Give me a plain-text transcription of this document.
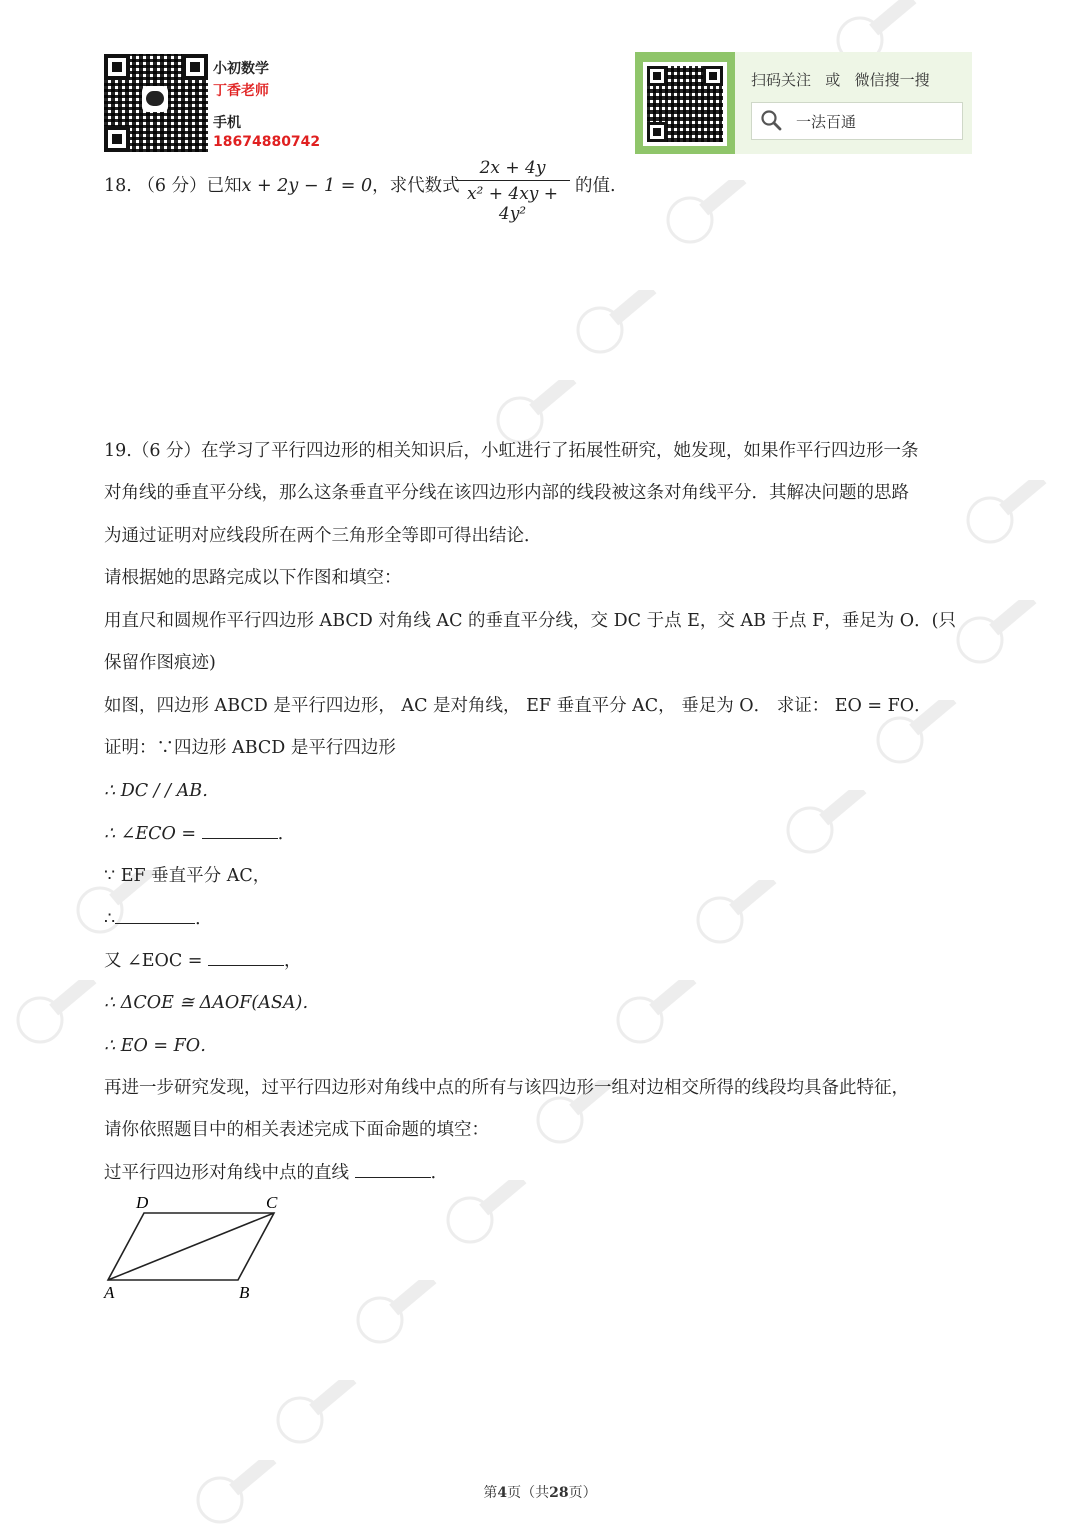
小初数学
丁香老师
手机
18674880742
扫码关注   或   微信搜一搜
一法百通
18. （6 分）已知x + 2y − 1 = 0，求代数式
$\frac{2x + 4y}{\text{x² + 4xy + 4y²}}$ 的值.
19.（6 分）在学习了平行四边形的相关知识后，小虹进行了拓展性研究，她发现，如果作平行四边形一条
对角线的垂直平分线，那么这条垂直平分线在该四边形内部的线段被这条对角线平分．其解决问题的思路
为通过证明对应线段所在两个三角形全等即可得出结论．
请根据她的思路完成以下作图和填空：
用直尺和圆规作平行四边形 ABCD 对角线 AC 的垂直平分线，交 DC 于点 E，交 AB 于点 F，垂足为 O．(只
保留作图痕迹)
如图，四边形 ABCD 是平行四边形， AC 是对角线， EF 垂直平分 AC， 垂足为 O． 求证： EO = FO．
证明：∵四边形 ABCD 是平行四边形
∴ DC / / AB．
∴ ∠ECO =	．
∵ EF 垂直平分 AC，
∴	．
又 ∠EOC =	，
∴ ΔCOE ≅ ΔAOF(ASA)．
∴ EO = FO．
再进一步研究发现，过平行四边形对角线中点的所有与该四边形一组对边相交所得的线段均具备此特征，
请你依照题目中的相关表述完成下面命题的填空：
过平行四边形对角线中点的直线	．
A	B
C
D
第4页（共28页）
